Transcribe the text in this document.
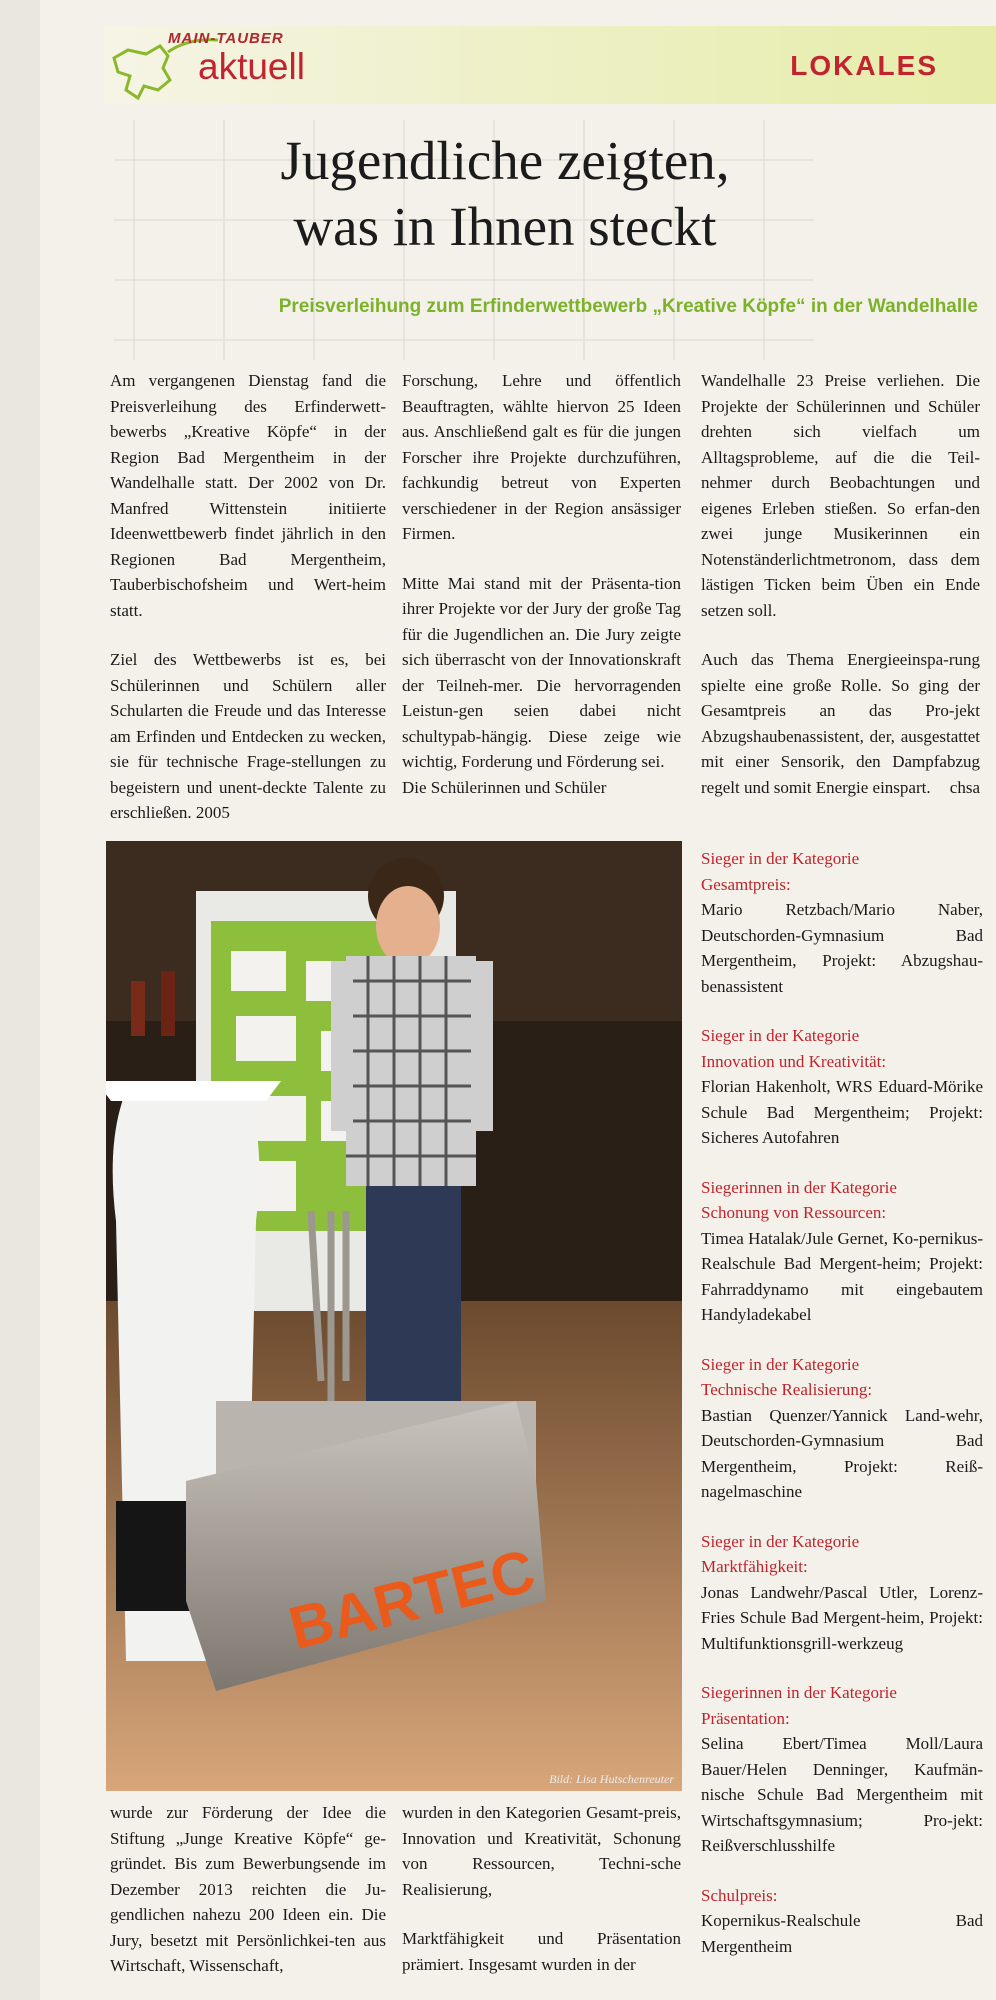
MAIN-TAUBER
aktuell	LOKALES
Jugendliche zeigten,
was in Ihnen steckt
Preisverleihung zum Erfinderwettbewerb „Kreative Köpfe“ in der Wandelhalle

Am vergangenen Dienstag fand die Preisverleihung des Erfinderwett-bewerbs „Kreative Köpfe“ in der Region Bad Mergentheim in der Wandelhalle statt. Der 2002 von Dr. Manfred Wittenstein initiierte Ideenwettbewerb findet jährlich in den Regionen Bad Mergentheim, Tauberbischofsheim und Wert-heim statt.

Ziel des Wettbewerbs ist es, bei Schülerinnen und Schülern aller Schularten die Freude und das Interesse am Erfinden und Entdecken zu wecken, sie für technische Frage-stellungen zu begeistern und unent-deckte Talente zu erschließen. 2005

Forschung, Lehre und öffentlich Beauftragten, wählte hiervon 25 Ideen aus. Anschließend galt es für die jungen Forscher ihre Projekte durchzuführen, fachkundig betreut von Experten verschiedener in der Region ansässiger Firmen.

Mitte Mai stand mit der Präsenta-tion ihrer Projekte vor der Jury der große Tag für die Jugendlichen an. Die Jury zeigte sich überrascht von der Innovationskraft der Teilneh-mer. Die hervorragenden Leistun-gen seien dabei nicht schultypab-hängig. Diese zeige wie wichtig, Forderung und Förderung sei.

Die Schülerinnen und Schüler

Wandelhalle 23 Preise verliehen. Die Projekte der Schülerinnen und Schüler drehten sich vielfach um Alltagsprobleme, auf die die Teil-nehmer durch Beobachtungen und eigenes Erleben stießen. So erfan-den zwei junge Musikerinnen ein Notenständerlichtmetronom, dass dem lästigen Ticken beim Üben ein Ende setzen soll.

Auch das Thema Energieeinspa-rung spielte eine große Rolle. So ging der Gesamtpreis an das Pro-jekt Abzugshaubenassistent, der, ausgestattet mit einer Sensorik, den Dampfabzug regelt und somit Energie einspart. chsa

BARTEC
Bild: Lisa Hutschenreuter
Sieger in der Kategorie
Gesamtpreis:
Mario Retzbach/Mario Naber, Deutschorden-Gymnasium Bad Mergentheim, Projekt: Abzugshau-benassistent
Sieger in der Kategorie
Innovation und Kreativität:
Florian Hakenholt, WRS Eduard-Mörike Schule Bad Mergentheim; Projekt: Sicheres Autofahren
Siegerinnen in der Kategorie
Schonung von Ressourcen:
Timea Hatalak/Jule Gernet, Ko-pernikus-Realschule Bad Mergent-heim; Projekt: Fahrraddynamo mit eingebautem Handyladekabel
Sieger in der Kategorie
Technische Realisierung:
Bastian Quenzer/Yannick Land-wehr, Deutschorden-Gymnasium Bad Mergentheim, Projekt: Reiß-nagelmaschine
Sieger in der Kategorie
Marktfähigkeit:
Jonas Landwehr/Pascal Utler, Lorenz-Fries Schule Bad Mergent-heim, Projekt: Multifunktionsgrill-werkzeug
Siegerinnen in der Kategorie
Präsentation:
Selina Ebert/Timea Moll/Laura Bauer/Helen Denninger, Kaufmän-nische Schule Bad Mergentheim mit Wirtschaftsgymnasium; Pro-jekt: Reißverschlusshilfe
Schulpreis:
Kopernikus-Realschule Bad Mergentheim

wurde zur Förderung der Idee die Stiftung „Junge Kreative Köpfe“ ge-gründet. Bis zum Bewerbungsende im Dezember 2013 reichten die Ju-gendlichen nahezu 200 Ideen ein. Die Jury, besetzt mit Persönlichkei-ten aus Wirtschaft, Wissenschaft,

wurden in den Kategorien Gesamt-preis, Innovation und Kreativität, Schonung von Ressourcen, Techni-sche Realisierung,

Marktfähigkeit und Präsentation prämiert. Insgesamt wurden in der
